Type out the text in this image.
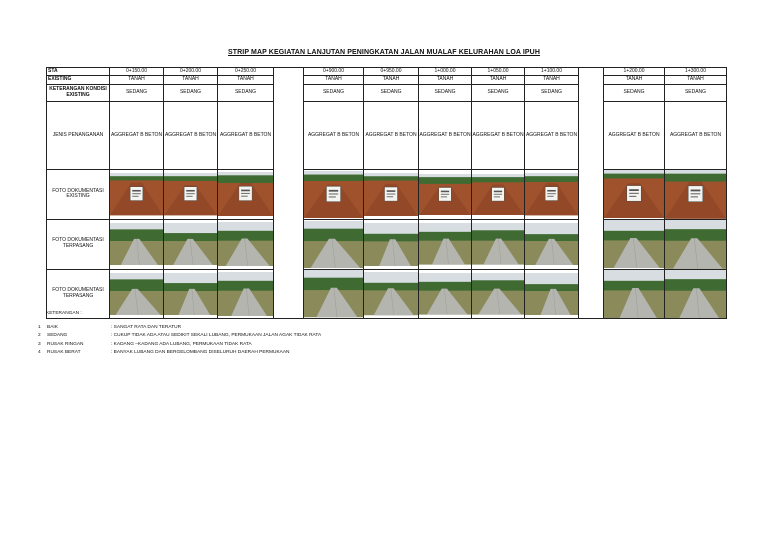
STRIP MAP KEGIATAN LANJUTAN PENINGKATAN JALAN MUALAF KELURAHAN LOA IPUH
STA	0+150.00	0+200.00	0+250.00		0+900.00	0+950.00	1+000.00	1+050.00	1+100.00		1+200.00	1+300.00
EXISTING	TANAH	TANAH	TANAH		TANAH	TANAH	TANAH	TANAH	TANAH		TANAH	TANAH
KETERANGAN KONDISI EXISTING	SEDANG	SEDANG	SEDANG		SEDANG	SEDANG	SEDANG	SEDANG	SEDANG		SEDANG	SEDANG
JENIS PENANGANAN	AGGREGAT B BETON	AGGREGAT B BETON	AGGREGAT B BETON		AGGREGAT B BETON	AGGREGAT B BETON	AGGREGAT B BETON	AGGREGAT B BETON	AGGREGAT B BETON		AGGREGAT B BETON	AGGREGAT B BETON
FOTO DOKUMENTASI EXISTING	

FOTO DOKUMENTASI TERPASANG	

FOTO DOKUMENTASI TERPASANG	

KETERANGAN :
1	BAIK	: SANGAT RATA DAN TERATUR
2	SEDANG	: CUKUP TIDAK ADA ATAU SEDIKIT SEKALI LUBANG, PERMUKAAN JALAN AGAK TIDAK RATA
3	RUSAK RINGAN	: KADANG –KADANG ADA LUBANG, PERMUKAAN TIDAK RATA
4	RUSAK BERAT	: BANYAK LUBANG DAN BERGELOMBANG DISELURUH DAERAH PERMUKAAN
